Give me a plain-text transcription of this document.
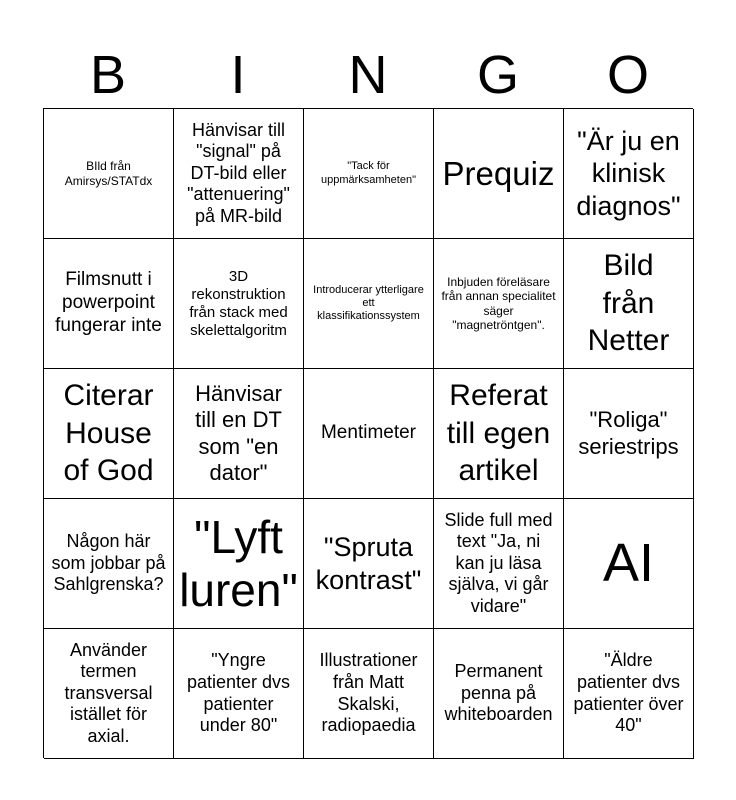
B	I	N	G	O
BIld från Amirsys/STATdx
Hänvisar till "signal" på DT-bild eller "attenuering" på MR-bild
"Tack för uppmärksamheten" Prequiz
"Är ju en klinisk diagnos"
Filmsnutt i powerpoint fungerar inte
3D rekonstruktion från stack med skelettalgoritm
Introducerar ytterligare ett klassifikationssystem
Inbjuden föreläsare från annan specialitet säger "magnetröntgen".
Bild från Netter
Citerar House of God
Hänvisar till en DT som "en dator"
Mentimeter
Referat till egen artikel
"Roliga" seriestrips
Någon här som jobbar på Sahlgrenska?
"Lyft luren"
"Spruta kontrast"
Slide full med text "Ja, ni kan ju läsa själva, vi går vidare"
AI
Använder termen transversal istället för axial.
"Yngre patienter dvs patienter under 80"
Illustrationer från Matt Skalski, radiopaedia
Permanent penna på whiteboarden
"Äldre patienter dvs patienter över 40"
